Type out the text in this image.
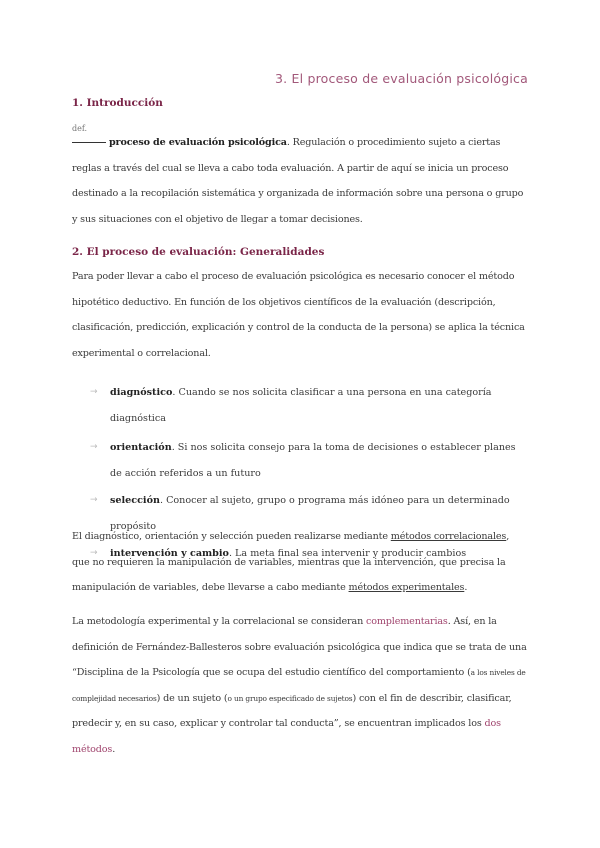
3. El proceso de evaluación psicológica
1. Introducción
def.
proceso de evaluación psicológica. Regulación o procedimiento sujeto a ciertas reglas a través del cual se lleva a cabo toda evaluación. A partir de aquí se inicia un proceso destinado a la recopilación sistemática y organizada de información sobre una persona o grupo y sus situaciones con el objetivo de llegar a tomar decisiones.
2. El proceso de evaluación: Generalidades
Para poder llevar a cabo el proceso de evaluación psicológica es necesario conocer el método hipotético deductivo. En función de los objetivos científicos de la evaluación (descripción, clasificación, predicción, explicación y control de la conducta de la persona) se aplica la técnica experimental o correlacional.
→ diagnóstico. Cuando se nos solicita clasificar a una persona en una categoría diagnóstica
→ orientación. Si nos solicita consejo para la toma de decisiones o establecer planes de acción referidos a un futuro
→ selección. Conocer al sujeto, grupo o programa más idóneo para un determinado propósito
→ intervención y cambio. La meta final sea intervenir y producir cambios
El diagnóstico, orientación y selección pueden realizarse mediante métodos correlacionales, que no requieren la manipulación de variables, mientras que la intervención, que precisa la manipulación de variables, debe llevarse a cabo mediante métodos experimentales.
La metodología experimental y la correlacional se consideran complementarias. Así, en la definición de Fernández-Ballesteros sobre evaluación psicológica que indica que se trata de una “Disciplina de la Psicología que se ocupa del estudio científico del comportamiento (a los niveles de complejidad necesarios) de un sujeto (o un grupo especificado de sujetos) con el fin de describir, clasificar, predecir y, en su caso, explicar y controlar tal conducta”, se encuentran implicados los dos métodos.
